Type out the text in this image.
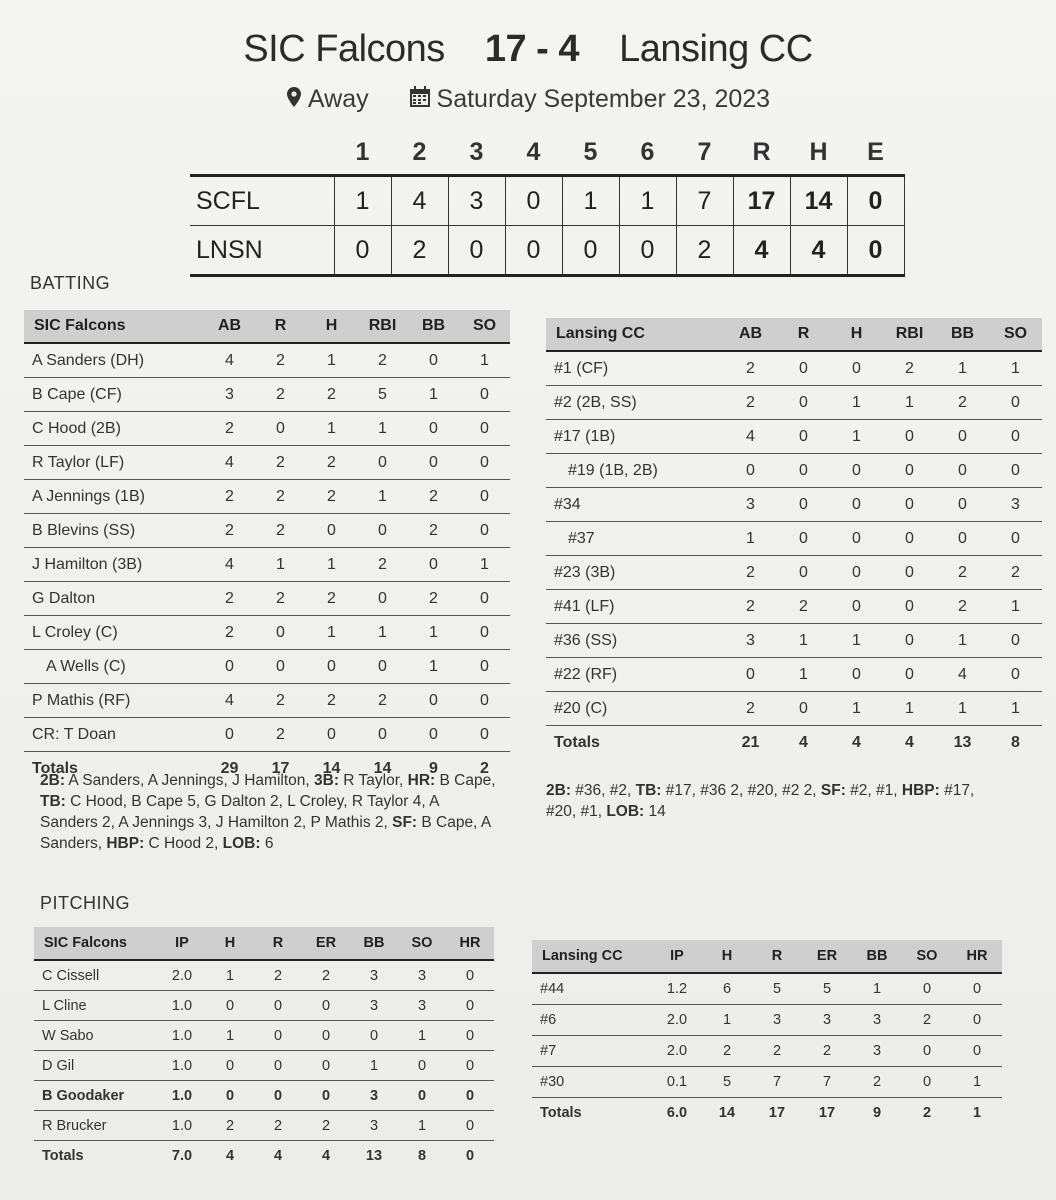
SIC Falcons 17 - 4 Lansing CC
Away	Saturday September 23, 2023
	1	2	3	4	5	6	7	R	H	E
SCFL	1	4	3	0	1	1	7	17	14	0
LNSN	0	2	0	0	0	0	2	4	4	0
BATTING
SIC Falcons	AB	R	H	RBI	BB	SO
A Sanders (DH)	4	2	1	2	0	1
B Cape (CF)	3	2	2	5	1	0
C Hood (2B)	2	0	1	1	0	0
R Taylor (LF)	4	2	2	0	0	0
A Jennings (1B)	2	2	2	1	2	0
B Blevins (SS)	2	2	0	0	2	0
J Hamilton (3B)	4	1	1	2	0	1
G Dalton	2	2	2	0	2	0
L Croley (C)	2	0	1	1	1	0
A Wells (C)	0	0	0	0	1	0
P Mathis (RF)	4	2	2	2	0	0
CR: T Doan	0	2	0	0	0	0
Totals	29	17	14	14	9	2
Lansing CC	AB	R	H	RBI	BB	SO
#1 (CF)	2	0	0	2	1	1
#2 (2B, SS)	2	0	1	1	2	0
#17 (1B)	4	0	1	0	0	0
#19 (1B, 2B)	0	0	0	0	0	0
#34	3	0	0	0	0	3
#37	1	0	0	0	0	0
#23 (3B)	2	0	0	0	2	2
#41 (LF)	2	2	0	0	2	1
#36 (SS)	3	1	1	0	1	0
#22 (RF)	0	1	0	0	4	0
#20 (C)	2	0	1	1	1	1
Totals	21	4	4	4	13	8
2B: A Sanders, A Jennings, J Hamilton, 3B: R Taylor, HR: B Cape, TB: C Hood, B Cape 5, G Dalton 2, L Croley, R Taylor 4, A Sanders 2, A Jennings 3, J Hamilton 2, P Mathis 2, SF: B Cape, A Sanders, HBP: C Hood 2, LOB: 6
2B: #36, #2, TB: #17, #36 2, #20, #2 2, SF: #2, #1, HBP: #17, #20, #1, LOB: 14
PITCHING
SIC Falcons	IP	H	R	ER	BB	SO	HR
C Cissell	2.0	1	2	2	3	3	0
L Cline	1.0	0	0	0	3	3	0
W Sabo	1.0	1	0	0	0	1	0
D Gil	1.0	0	0	0	1	0	0
B Goodaker	1.0	0	0	0	3	0	0
R Brucker	1.0	2	2	2	3	1	0
Totals	7.0	4	4	4	13	8	0
Lansing CC	IP	H	R	ER	BB	SO	HR
#44	1.2	6	5	5	1	0	0
#6	2.0	1	3	3	3	2	0
#7	2.0	2	2	2	3	0	0
#30	0.1	5	7	7	2	0	1
Totals	6.0	14	17	17	9	2	1
